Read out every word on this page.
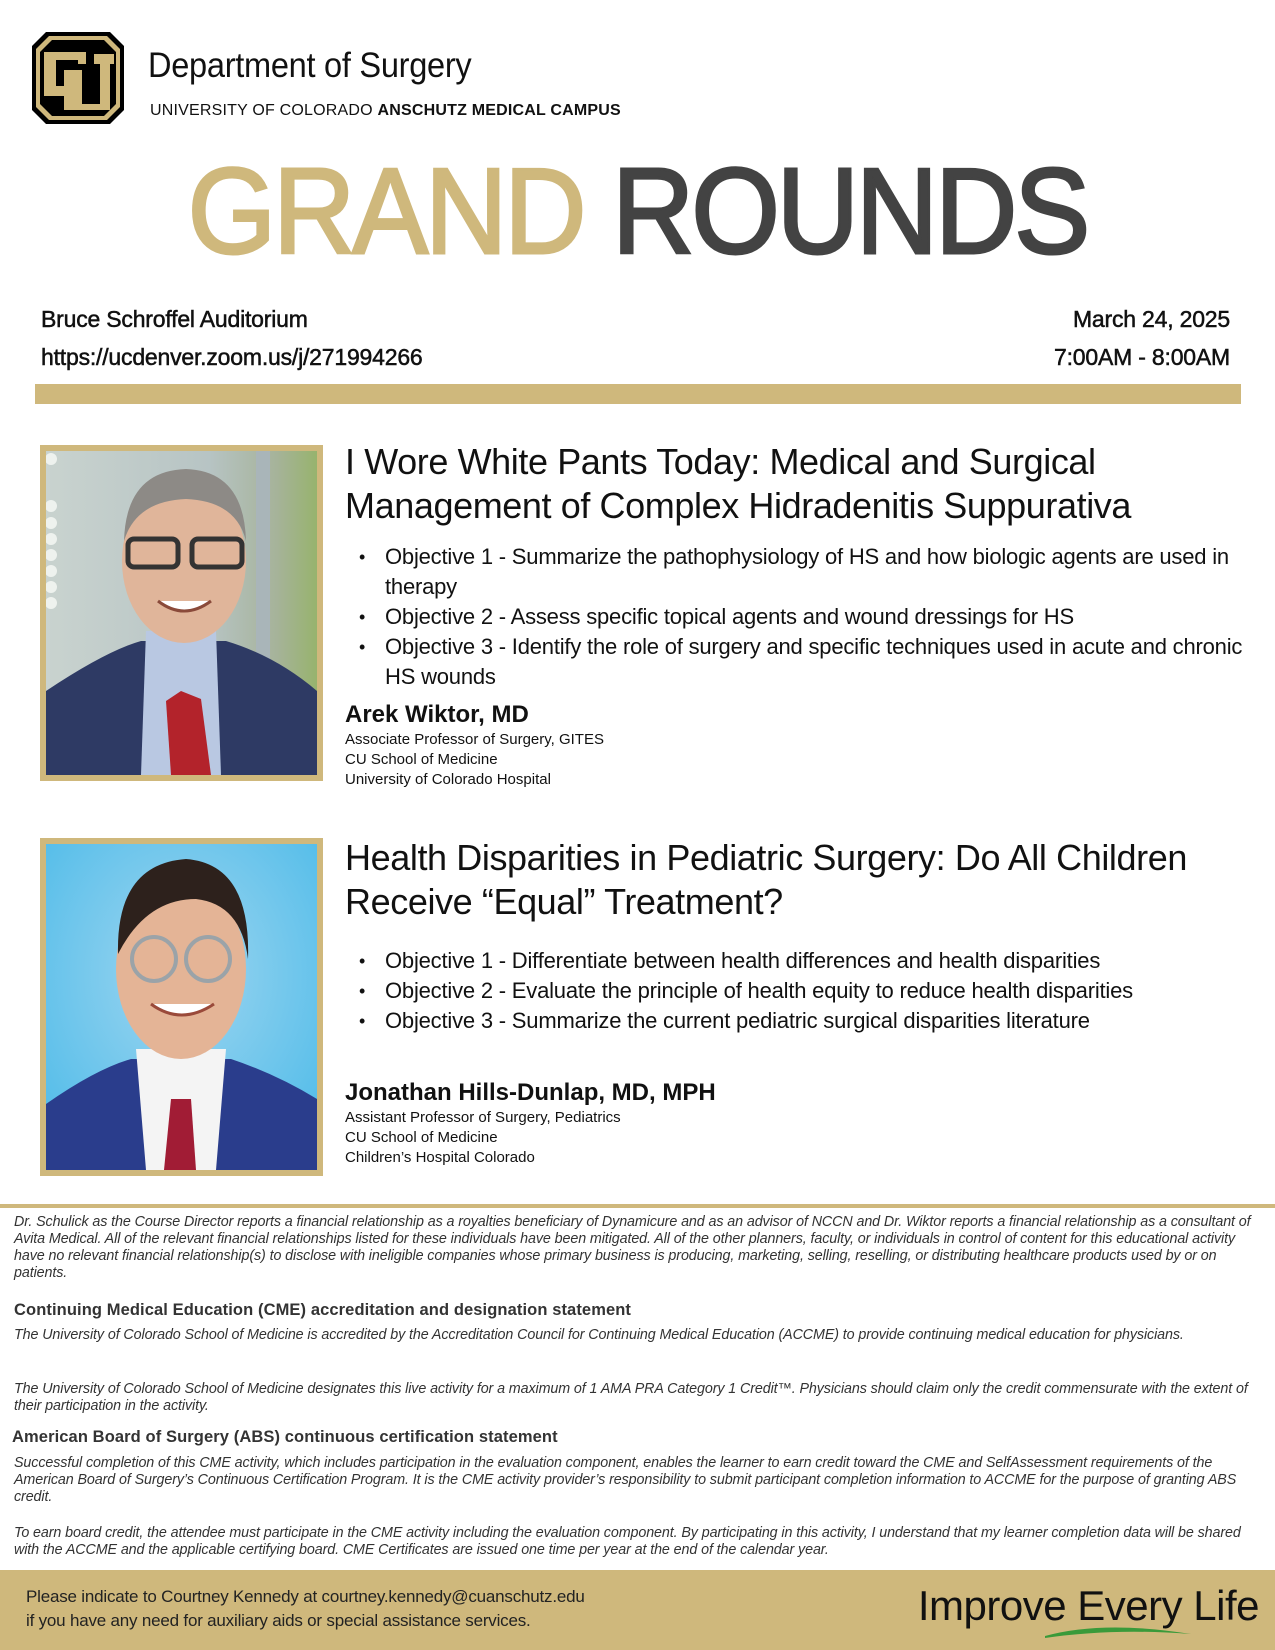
Department of Surgery
UNIVERSITY OF COLORADO ANSCHUTZ MEDICAL CAMPUS
GRAND ROUNDS
Bruce Schroffel Auditorium
https://ucdenver.zoom.us/j/271994266
March 24, 2025
7:00AM - 8:00AM
I Wore White Pants Today: Medical and Surgical Management of Complex Hidradenitis Suppurativa
• Objective 1 - Summarize the pathophysiology of HS and how biologic agents are used in therapy
• Objective 2 - Assess specific topical agents and wound dressings for HS
• Objective 3 - Identify the role of surgery and specific techniques used in acute and chronic HS wounds
Arek Wiktor, MD
Associate Professor of Surgery, GITES
CU School of Medicine
University of Colorado Hospital
Health Disparities in Pediatric Surgery: Do All Children Receive “Equal” Treatment?
• Objective 1 - Differentiate between health differences and health disparities
• Objective 2 - Evaluate the principle of health equity to reduce health disparities
• Objective 3 - Summarize the current pediatric surgical disparities literature
Jonathan Hills-Dunlap, MD, MPH
Assistant Professor of Surgery, Pediatrics
CU School of Medicine
Children’s Hospital Colorado
Dr. Schulick as the Course Director reports a financial relationship as a royalties beneficiary of Dynamicure and as an advisor of NCCN and Dr. Wiktor reports a financial relationship as a consultant of Avita Medical. All of the relevant financial relationships listed for these individuals have been mitigated. All of the other planners, faculty, or individuals in control of content for this educational activity have no relevant financial relationship(s) to disclose with ineligible companies whose primary business is producing, marketing, selling, reselling, or distributing healthcare products used by or on patients.
Continuing Medical Education (CME) accreditation and designation statement
The University of Colorado School of Medicine is accredited by the Accreditation Council for Continuing Medical Education (ACCME) to provide continuing medical education for physicians.
The University of Colorado School of Medicine designates this live activity for a maximum of 1 AMA PRA Category 1 Credit™. Physicians should claim only the credit commensurate with the extent of their participation in the activity.
American Board of Surgery (ABS) continuous certification statement
Successful completion of this CME activity, which includes participation in the evaluation component, enables the learner to earn credit toward the CME and SelfAssessment requirements of the American Board of Surgery’s Continuous Certification Program. It is the CME activity provider’s responsibility to submit participant completion information to ACCME for the purpose of granting ABS credit.
To earn board credit, the attendee must participate in the CME activity including the evaluation component. By participating in this activity, I understand that my learner completion data will be shared with the ACCME and the applicable certifying board. CME Certificates are issued one time per year at the end of the calendar year.
Please indicate to Courtney Kennedy at courtney.kennedy@cuanschutz.edu
if you have any need for auxiliary aids or special assistance services.	Improve Every Life
